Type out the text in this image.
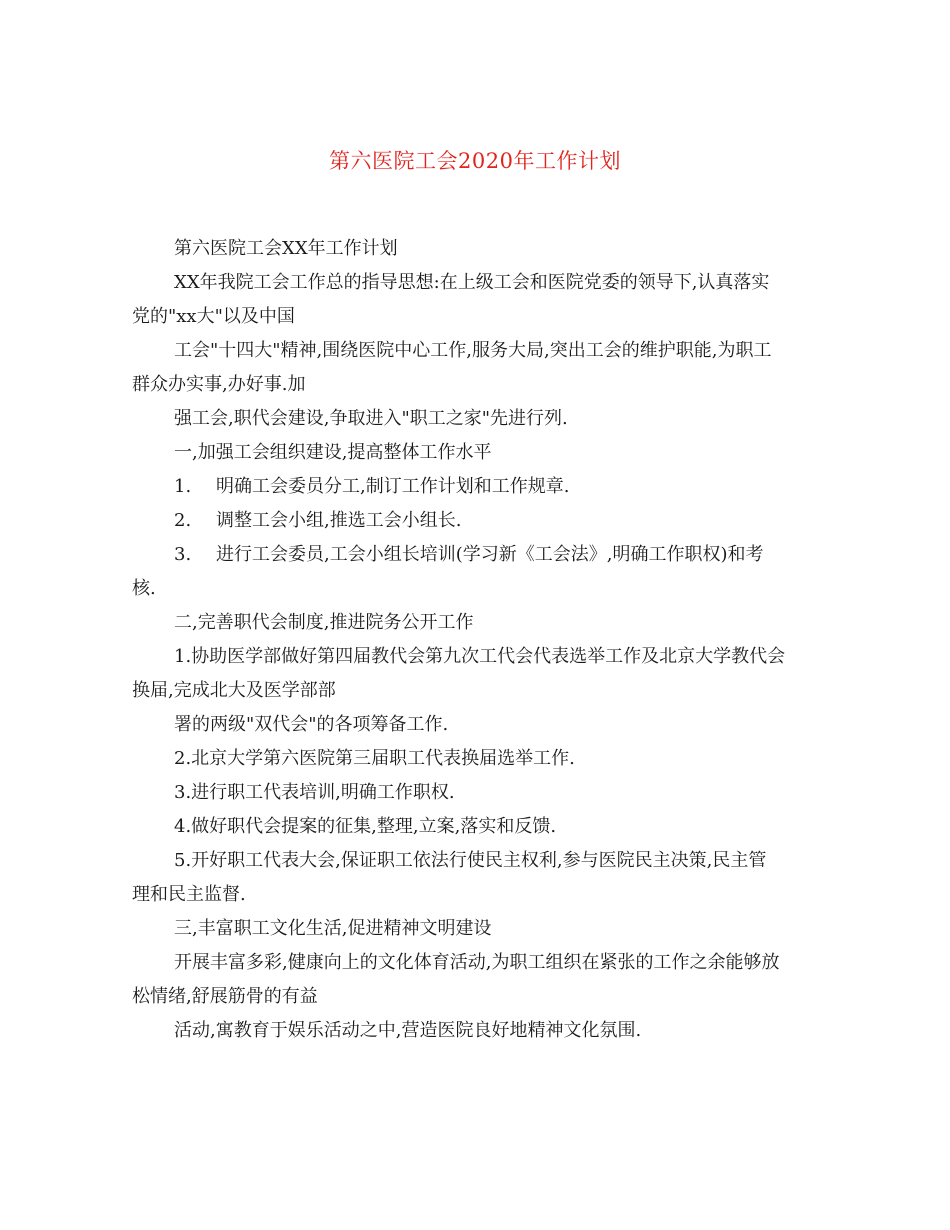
第六医院工会2020年工作计划

第六医院工会XX年工作计划

XX年我院工会工作总的指导思想:在上级工会和医院党委的领导下,认真落实

党的"xx大"以及中国

工会"十四大"精神,围绕医院中心工作,服务大局,突出工会的维护职能,为职工

群众办实事,办好事.加

强工会,职代会建设,争取进入"职工之家"先进行列.

一,加强工会组织建设,提高整体工作水平

1. 明确工会委员分工,制订工作计划和工作规章.

2. 调整工会小组,推选工会小组长.

3. 进行工会委员,工会小组长培训(学习新《工会法》,明确工作职权)和考

核.

二,完善职代会制度,推进院务公开工作

1.协助医学部做好第四届教代会第九次工代会代表选举工作及北京大学教代会

换届,完成北大及医学部部

署的两级"双代会"的各项筹备工作.

2.北京大学第六医院第三届职工代表换届选举工作.

3.进行职工代表培训,明确工作职权.

4.做好职代会提案的征集,整理,立案,落实和反馈.

5.开好职工代表大会,保证职工依法行使民主权利,参与医院民主决策,民主管

理和民主监督.

三,丰富职工文化生活,促进精神文明建设

开展丰富多彩,健康向上的文化体育活动,为职工组织在紧张的工作之余能够放

松情绪,舒展筋骨的有益

活动,寓教育于娱乐活动之中,营造医院良好地精神文化氛围.
